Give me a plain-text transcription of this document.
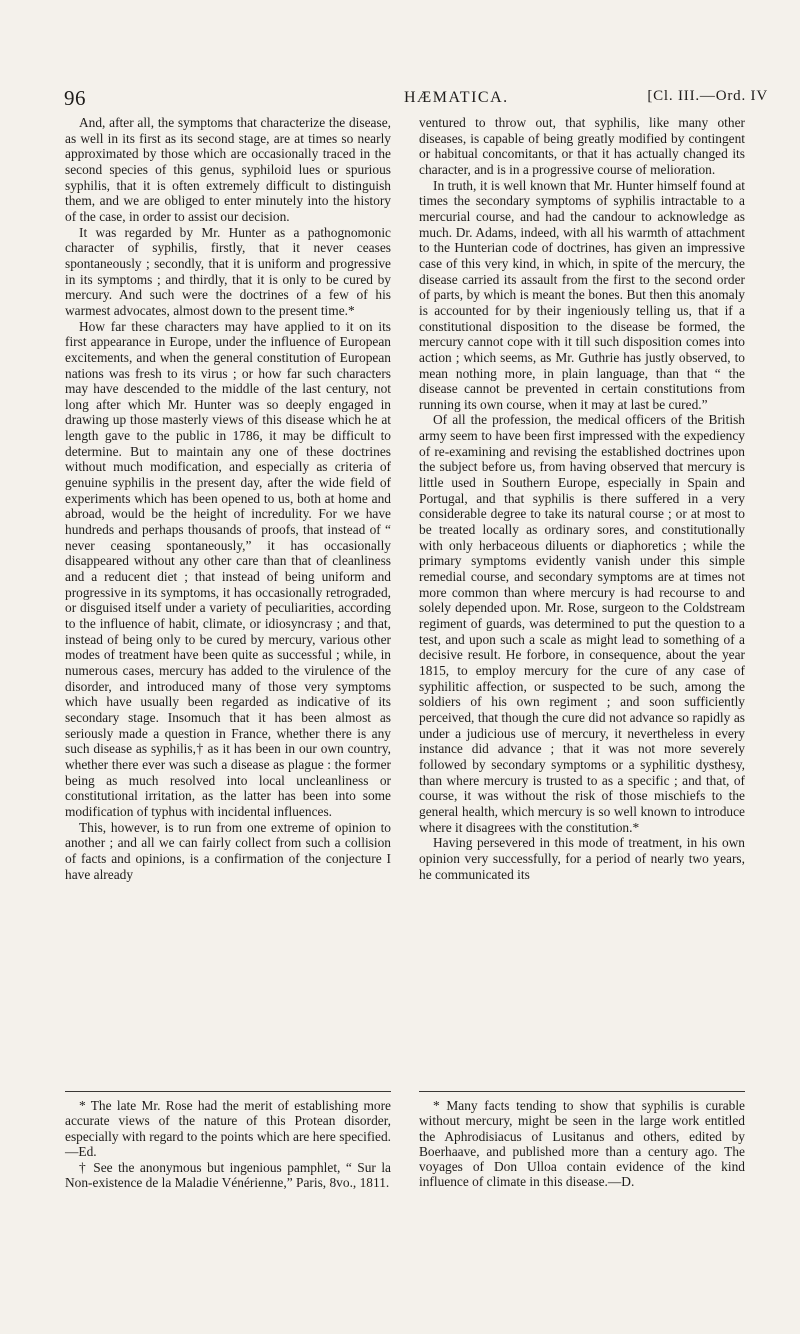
96	HÆMATICA.	[Cl. III.—Ord. IV

And, after all, the symptoms that characterize the disease, as well in its first as its second stage, are at times so nearly approximated by those which are occasionally traced in the second species of this genus, syphiloid lues or spurious syphilis, that it is often extremely difficult to distinguish them, and we are obliged to enter minutely into the history of the case, in order to assist our decision.

It was regarded by Mr. Hunter as a pathognomonic character of syphilis, firstly, that it never ceases spontaneously ; secondly, that it is uniform and progressive in its symptoms ; and thirdly, that it is only to be cured by mercury. And such were the doctrines of a few of his warmest advocates, almost down to the present time.*

How far these characters may have applied to it on its first appearance in Europe, under the influence of European excitements, and when the general constitution of European nations was fresh to its virus ; or how far such characters may have descended to the middle of the last century, not long after which Mr. Hunter was so deeply engaged in drawing up those masterly views of this disease which he at length gave to the public in 1786, it may be difficult to determine. But to maintain any one of these doctrines without much modification, and especially as criteria of genuine syphilis in the present day, after the wide field of experiments which has been opened to us, both at home and abroad, would be the height of incredulity. For we have hundreds and perhaps thousands of proofs, that instead of “ never ceasing spontaneously,” it has occasionally disappeared without any other care than that of cleanliness and a reducent diet ; that instead of being uniform and progressive in its symptoms, it has occasionally retrograded, or disguised itself under a variety of peculiarities, according to the influence of habit, climate, or idiosyncrasy ; and that, instead of being only to be cured by mercury, various other modes of treatment have been quite as successful ; while, in numerous cases, mercury has added to the virulence of the disorder, and introduced many of those very symptoms which have usually been regarded as indicative of its secondary stage. Insomuch that it has been almost as seriously made a question in France, whether there is any such disease as syphilis,† as it has been in our own country, whether there ever was such a disease as plague : the former being as much resolved into local uncleanliness or constitutional irritation, as the latter has been into some modification of typhus with incidental influences.

This, however, is to run from one extreme of opinion to another ; and all we can fairly collect from such a collision of facts and opinions, is a confirmation of the conjecture I have already

ventured to throw out, that syphilis, like many other diseases, is capable of being greatly modified by contingent or habitual concomitants, or that it has actually changed its character, and is in a progressive course of melioration.

In truth, it is well known that Mr. Hunter himself found at times the secondary symptoms of syphilis intractable to a mercurial course, and had the candour to acknowledge as much. Dr. Adams, indeed, with all his warmth of attachment to the Hunterian code of doctrines, has given an impressive case of this very kind, in which, in spite of the mercury, the disease carried its assault from the first to the second order of parts, by which is meant the bones. But then this anomaly is accounted for by their ingeniously telling us, that if a constitutional disposition to the disease be formed, the mercury cannot cope with it till such disposition comes into action ; which seems, as Mr. Guthrie has justly observed, to mean nothing more, in plain language, than that “ the disease cannot be prevented in certain constitutions from running its own course, when it may at last be cured.”

Of all the profession, the medical officers of the British army seem to have been first impressed with the expediency of re-examining and revising the established doctrines upon the subject before us, from having observed that mercury is little used in Southern Europe, especially in Spain and Portugal, and that syphilis is there suffered in a very considerable degree to take its natural course ; or at most to be treated locally as ordinary sores, and constitutionally with only herbaceous diluents or diaphoretics ; while the primary symptoms evidently vanish under this simple remedial course, and secondary symptoms are at times not more common than where mercury is had recourse to and solely depended upon. Mr. Rose, surgeon to the Coldstream regiment of guards, was determined to put the question to a test, and upon such a scale as might lead to something of a decisive result. He forbore, in consequence, about the year 1815, to employ mercury for the cure of any case of syphilitic affection, or suspected to be such, among the soldiers of his own regiment ; and soon sufficiently perceived, that though the cure did not advance so rapidly as under a judicious use of mercury, it nevertheless in every instance did advance ; that it was not more severely followed by secondary symptoms or a syphilitic dysthesy, than where mercury is trusted to as a specific ; and that, of course, it was without the risk of those mischiefs to the general health, which mercury is so well known to introduce where it disagrees with the constitution.*

Having persevered in this mode of treatment, in his own opinion very successfully, for a period of nearly two years, he communicated its

* The late Mr. Rose had the merit of establishing more accurate views of the nature of this Protean disorder, especially with regard to the points which are here specified.—Ed.

† See the anonymous but ingenious pamphlet, “ Sur la Non-existence de la Maladie Vénérienne,” Paris, 8vo., 1811.

* Many facts tending to show that syphilis is curable without mercury, might be seen in the large work entitled the Aphrodisiacus of Lusitanus and others, edited by Boerhaave, and published more than a century ago. The voyages of Don Ulloa contain evidence of the kind influence of climate in this disease.—D.
